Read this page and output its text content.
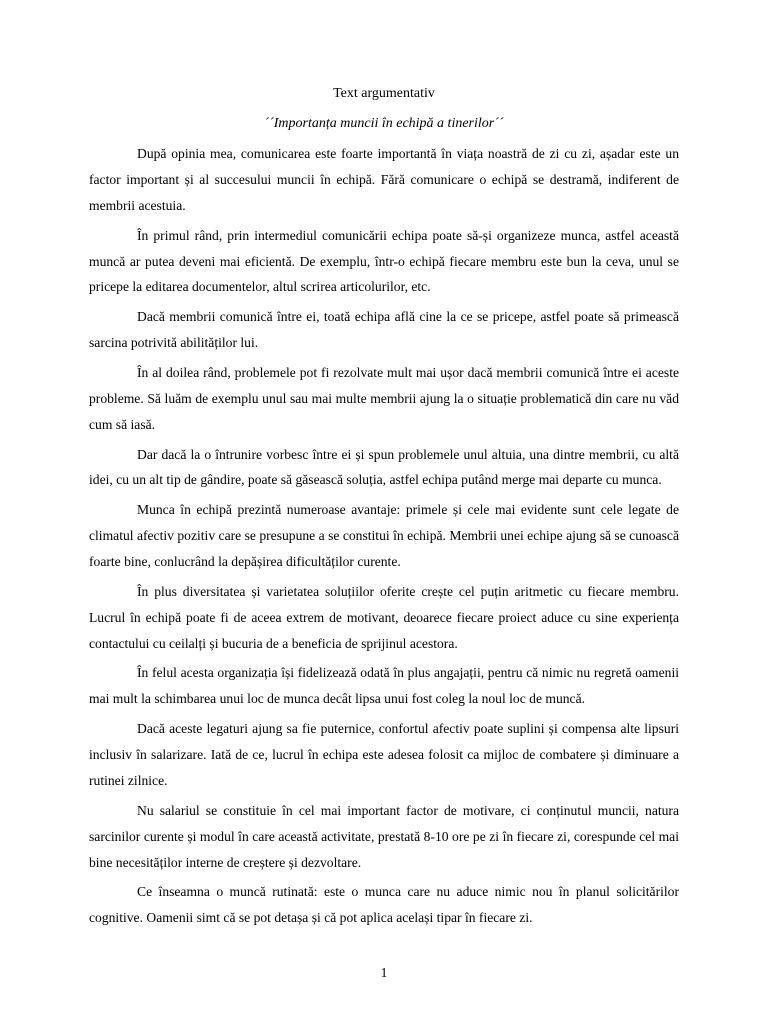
Text argumentativ

´´Importanța muncii în echipă a tinerilor´´

După opinia mea, comunicarea este foarte importantă în viața noastră de zi cu zi, așadar este un factor important și al succesului muncii în echipă. Fără comunicare o echipă se destramă, indiferent de membrii acestuia.

În primul rând, prin intermediul comunicării echipa poate să-și organizeze munca, astfel această muncă ar putea deveni mai eficientă. De exemplu, într-o echipă fiecare membru este bun la ceva, unul se pricepe la editarea documentelor, altul scrirea articolurilor, etc.

Dacă membrii comunică între ei, toată echipa află cine la ce se pricepe, astfel poate să primească sarcina potrivită abilităților lui.

În al doilea rând, problemele pot fi rezolvate mult mai ușor dacă membrii comunică între ei aceste probleme. Să luăm de exemplu unul sau mai multe membrii ajung la o situație problematică din care nu văd cum să iasă.

Dar dacă la o întrunire vorbesc între ei și spun problemele unul altuia, una dintre membrii, cu altă idei, cu un alt tip de gândire, poate să găsească soluția, astfel echipa putând merge mai departe cu munca.

Munca în echipă prezintă numeroase avantaje: primele și cele mai evidente sunt cele legate de climatul afectiv pozitiv care se presupune a se constitui în echipă. Membrii unei echipe ajung să se cunoască foarte bine, conlucrând la depășirea dificultăților curente.

În plus diversitatea și varietatea soluțiilor oferite crește cel puțin aritmetic cu fiecare membru. Lucrul în echipă poate fi de aceea extrem de motivant, deoarece fiecare proiect aduce cu sine experiența contactului cu ceilalți și bucuria de a beneficia de sprijinul acestora.

În felul acesta organizația își fidelizează odată în plus angajații, pentru că nimic nu regretă oamenii mai mult la schimbarea unui loc de munca decât lipsa unui fost coleg la noul loc de muncă.

Dacă aceste legaturi ajung sa fie puternice, confortul afectiv poate suplini și compensa alte lipsuri inclusiv în salarizare. Iată de ce, lucrul în echipa este adesea folosit ca mijloc de combatere și diminuare a rutinei zilnice.

Nu salariul se constituie în cel mai important factor de motivare, ci conținutul muncii, natura sarcinilor curente și modul în care această activitate, prestată 8-10 ore pe zi în fiecare zi, corespunde cel mai bine necesităților interne de creștere și dezvoltare.

Ce înseamna o muncă rutinată: este o munca care nu aduce nimic nou în planul solicitărilor cognitive. Oamenii simt că se pot detașa și că pot aplica același tipar în fiecare zi.

1
